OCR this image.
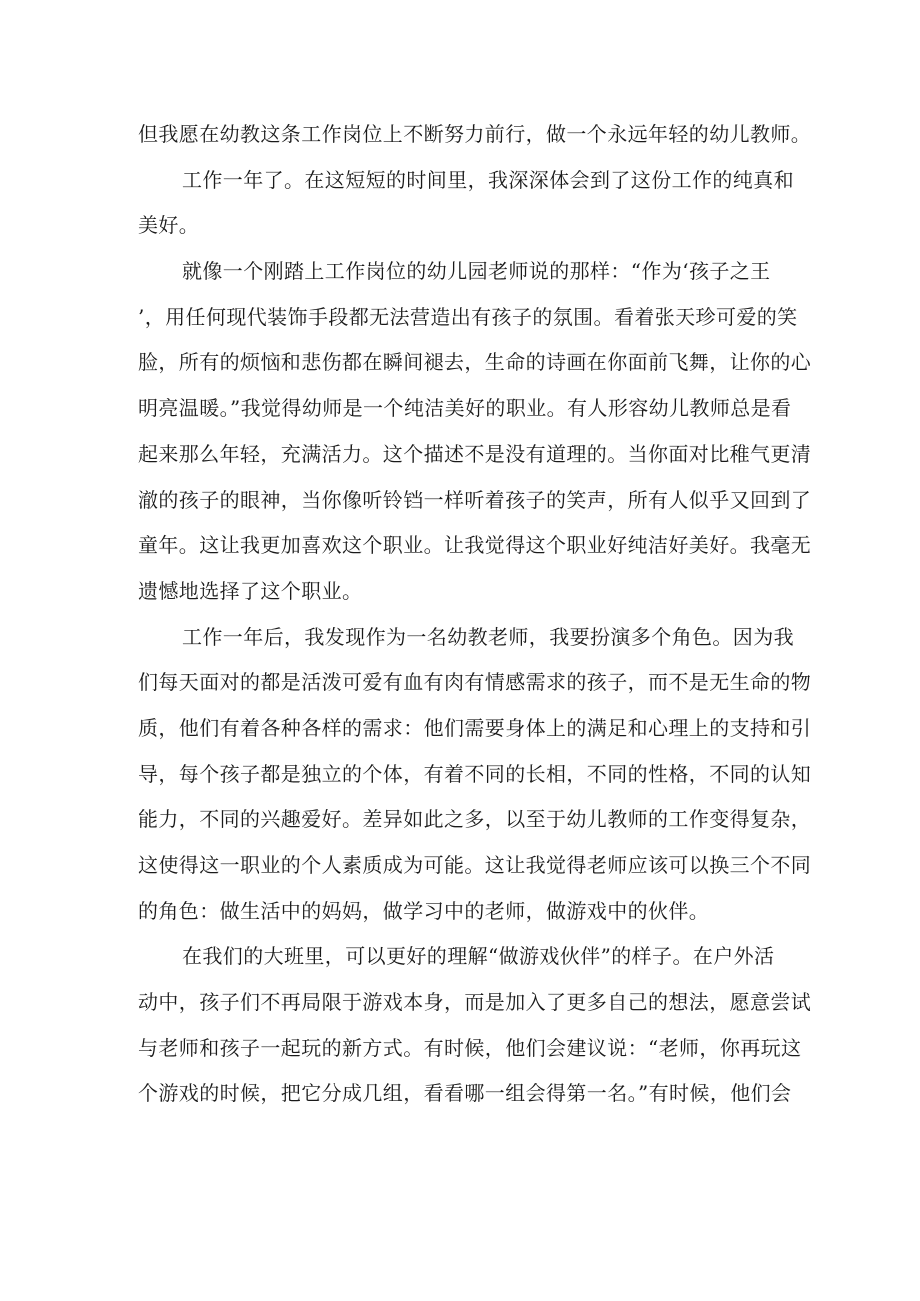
但我愿在幼教这条工作岗位上不断努力前行，做一个永远年轻的幼儿教师。
工作一年了。在这短短的时间里，我深深体会到了这份工作的纯真和
美好。
就像一个刚踏上工作岗位的幼儿园老师说的那样：“作为‘孩子之王
’，用任何现代装饰手段都无法营造出有孩子的氛围。看着张天珍可爱的笑
脸，所有的烦恼和悲伤都在瞬间褪去，生命的诗画在你面前飞舞，让你的心
明亮温暖。”我觉得幼师是一个纯洁美好的职业。有人形容幼儿教师总是看
起来那么年轻，充满活力。这个描述不是没有道理的。当你面对比稚气更清
澈的孩子的眼神，当你像听铃铛一样听着孩子的笑声，所有人似乎又回到了
童年。这让我更加喜欢这个职业。让我觉得这个职业好纯洁好美好。我毫无
遗憾地选择了这个职业。
工作一年后，我发现作为一名幼教老师，我要扮演多个角色。因为我
们每天面对的都是活泼可爱有血有肉有情感需求的孩子，而不是无生命的物
质，他们有着各种各样的需求：他们需要身体上的满足和心理上的支持和引
导，每个孩子都是独立的个体，有着不同的长相，不同的性格，不同的认知
能力，不同的兴趣爱好。差异如此之多，以至于幼儿教师的工作变得复杂，
这使得这一职业的个人素质成为可能。这让我觉得老师应该可以换三个不同
的角色：做生活中的妈妈，做学习中的老师，做游戏中的伙伴。
在我们的大班里，可以更好的理解“做游戏伙伴”的样子。在户外活
动中，孩子们不再局限于游戏本身，而是加入了更多自己的想法，愿意尝试
与老师和孩子一起玩的新方式。有时候，他们会建议说：“老师，你再玩这
个游戏的时候，把它分成几组，看看哪一组会得第一名。”有时候，他们会
